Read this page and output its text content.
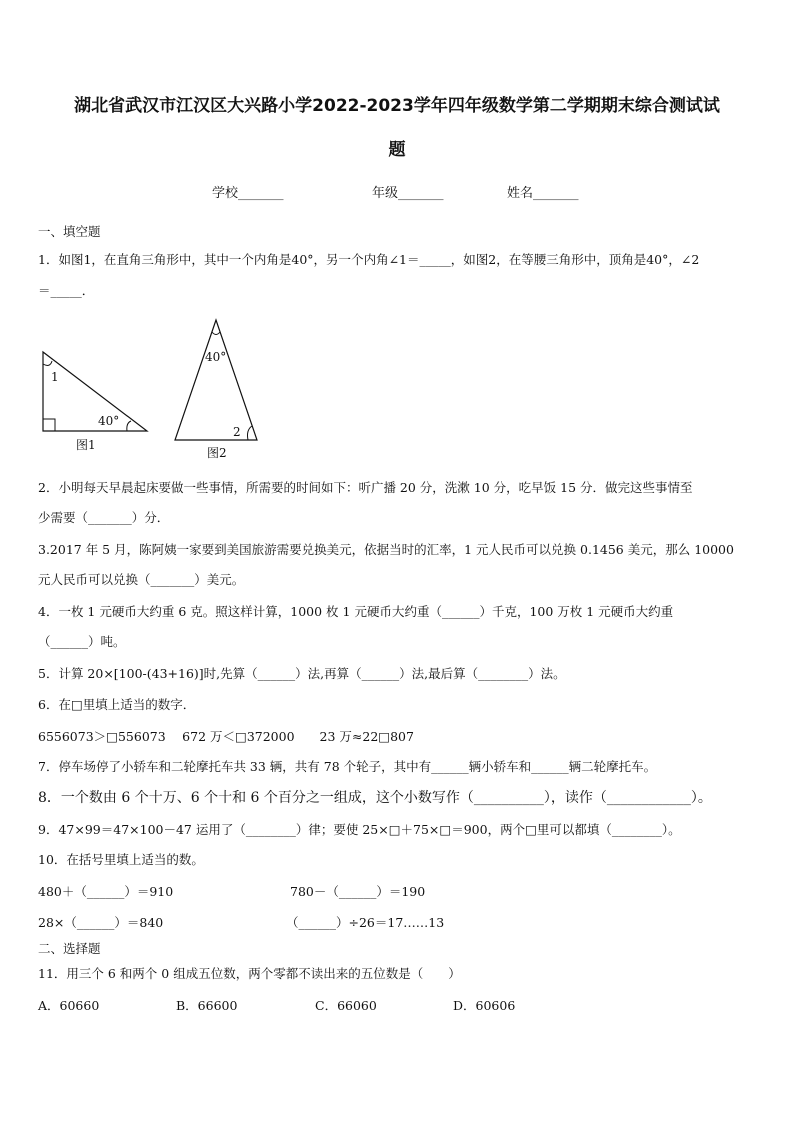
湖北省武汉市江汉区大兴路小学2022-2023学年四年级数学第二学期期末综合测试试
题
学校_______	年级_______	姓名_______
一、填空题
1．如图1，在直角三角形中，其中一个内角是40°，另一个内角∠1＝_____，如图2，在等腰三角形中，顶角是40°，∠2
＝_____．
1
40°
图1
40°
2
图2
2．小明每天早晨起床要做一些事情，所需要的时间如下：听广播 20 分，洗漱 10 分，吃早饭 15 分．做完这些事情至
少需要（_______）分．
3.2017 年 5 月，陈阿姨一家要到美国旅游需要兑换美元，依据当时的汇率，1 元人民币可以兑换 0.1456 美元，那么 10000
元人民币可以兑换（_______）美元。
4．一枚 1 元硬币大约重 6 克。照这样计算，1000 枚 1 元硬币大约重（______）千克，100 万枚 1 元硬币大约重
（______）吨。
5．计算 20×[100-(43+16)]时,先算（______）法,再算（______）法,最后算（________）法。
6．在□里填上适当的数字．
6556073＞□556073　 672 万＜□372000　　23 万≈22□807
7．停车场停了小轿车和二轮摩托车共 33 辆，共有 78 个轮子，其中有______辆小轿车和______辆二轮摩托车。
8．一个数由 6 个十万、6 个十和 6 个百分之一组成，这个小数写作（__________），读作（____________）。
9．47×99＝47×100－47 运用了（________）律；要使 25×□＋75×□＝900，两个□里可以都填（________）。
10．在括号里填上适当的数。
480＋（______）＝910	780－（______）＝190
28×（______）＝840	（______）÷26＝17……13
二、选择题
11．用三个 6 和两个 0 组成五位数，两个零都不读出来的五位数是（　　）
A．60660	B．66600	C．66060	D．60606
